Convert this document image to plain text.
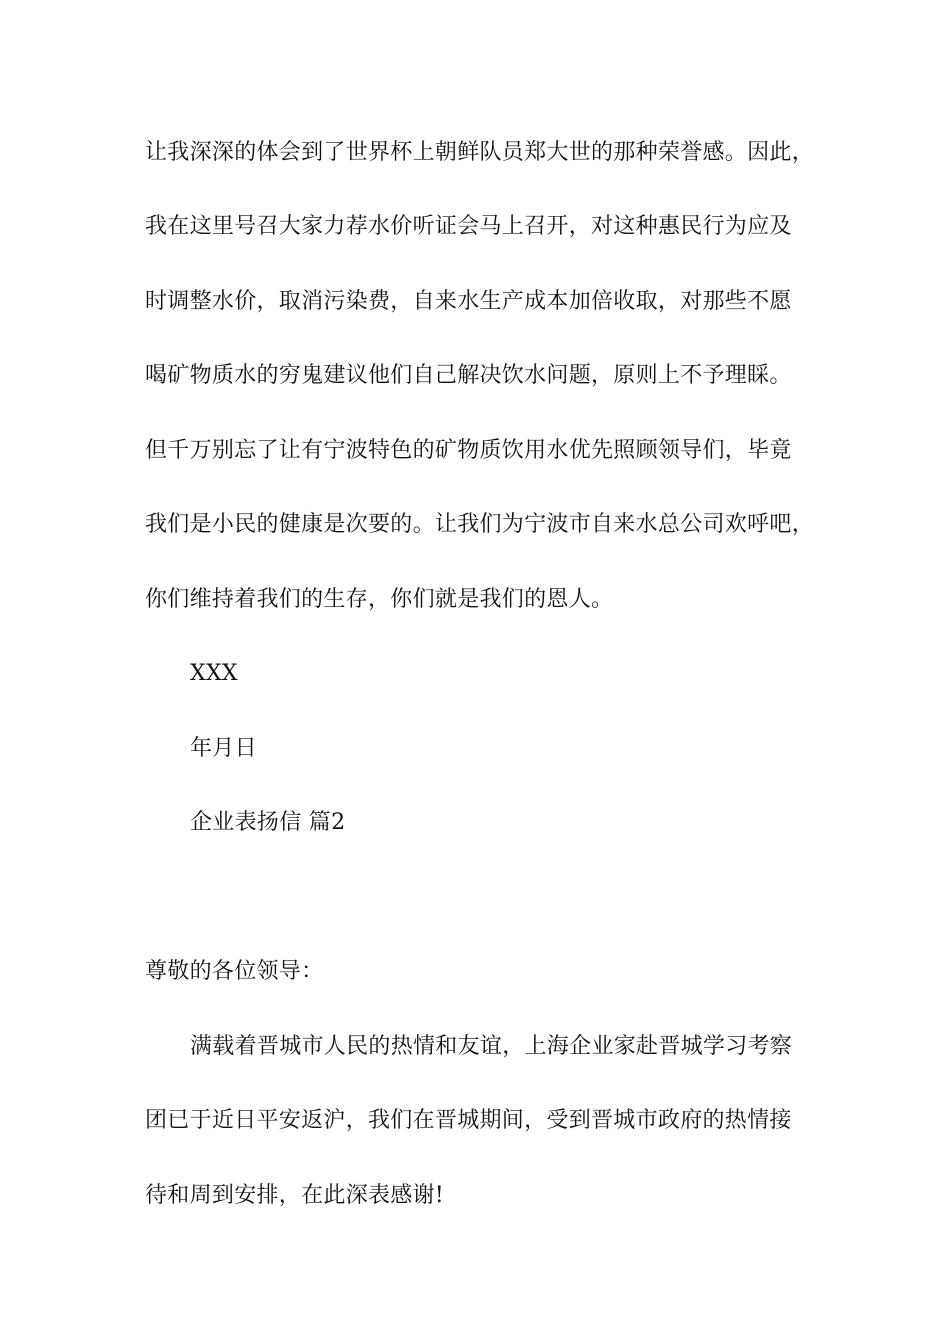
让我深深的体会到了世界杯上朝鲜队员郑大世的那种荣誉感。因此，
我在这里号召大家力荐水价听证会马上召开，对这种惠民行为应及
时调整水价，取消污染费，自来水生产成本加倍收取，对那些不愿
喝矿物质水的穷鬼建议他们自己解决饮水问题，原则上不予理睬。
但千万别忘了让有宁波特色的矿物质饮用水优先照顾领导们，毕竟
我们是小民的健康是次要的。让我们为宁波市自来水总公司欢呼吧，
你们维持着我们的生存，你们就是我们的恩人。
XXX
年月日
企业表扬信 篇2
尊敬的各位领导：
满载着晋城市人民的热情和友谊，上海企业家赴晋城学习考察
团已于近日平安返沪，我们在晋城期间，受到晋城市政府的热情接
待和周到安排，在此深表感谢!
